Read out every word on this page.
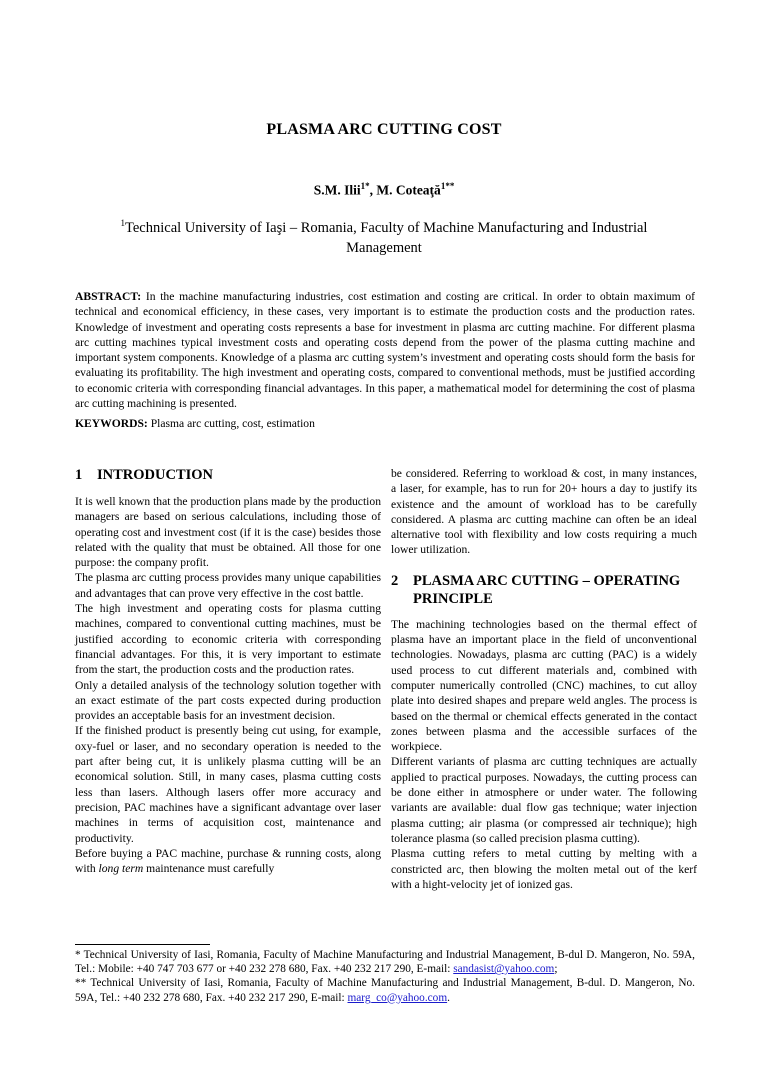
PLASMA ARC CUTTING COST
S.M. Ilii$^{1*}$, M. Coteaţă$^{1**}$
$^1$Technical University of Iaşi – Romania, Faculty of Machine Manufacturing and Industrial Management

ABSTRACT: In the machine manufacturing industries, cost estimation and costing are critical. In order to obtain maximum of technical and economical efficiency, in these cases, very important is to estimate the production costs and the production rates. Knowledge of investment and operating costs represents a base for investment in plasma arc cutting machine. For different plasma arc cutting machines typical investment costs and operating costs depend from the power of the plasma cutting machine and important system components. Knowledge of a plasma arc cutting system’s investment and operating costs should form the basis for evaluating its profitability. The high investment and operating costs, compared to conventional methods, must be justified according to economic criteria with corresponding financial advantages. In this paper, a mathematical model for determining the cost of plasma arc cutting machining is presented.

KEYWORDS: Plasma arc cutting, cost, estimation

1	INTRODUCTION

It is well known that the production plans made by the production managers are based on serious calculations, including those of operating cost and investment cost (if it is the case) besides those related with the quality that must be obtained. All those for one purpose: the company profit.

The plasma arc cutting process provides many unique capabilities and advantages that can prove very effective in the cost battle.

The high investment and operating costs for plasma cutting machines, compared to conventional cutting machines, must be justified according to economic criteria with corresponding financial advantages. For this, it is very important to estimate from the start, the production costs and the production rates.

Only a detailed analysis of the technology solution together with an exact estimate of the part costs expected during production provides an acceptable basis for an investment decision.

If the finished product is presently being cut using, for example, oxy-fuel or laser, and no secondary operation is needed to the part after being cut, it is unlikely plasma cutting will be an economical solution. Still, in many cases, plasma cutting costs less than lasers. Although lasers offer more accuracy and precision, PAC machines have a significant advantage over laser machines in terms of acquisition cost, maintenance and productivity.

Before buying a PAC machine, purchase & running costs, along with long term maintenance must carefully

be considered. Referring to workload & cost, in many instances, a laser, for example, has to run for 20+ hours a day to justify its existence and the amount of workload has to be carefully considered. A plasma arc cutting machine can often be an ideal alternative tool with flexibility and low costs requiring a much lower utilization.

2	PLASMA ARC CUTTING – OPERATING PRINCIPLE

The machining technologies based on the thermal effect of plasma have an important place in the field of unconventional technologies. Nowadays, plasma arc cutting (PAC) is a widely used process to cut different materials and, combined with computer numerically controlled (CNC) machines, to cut alloy plate into desired shapes and prepare weld angles. The process is based on the thermal or chemical effects generated in the contact zones between plasma and the accessible surfaces of the workpiece.

Different variants of plasma arc cutting techniques are actually applied to practical purposes. Nowadays, the cutting process can be done either in atmosphere or under water. The following variants are available: dual flow gas technique; water injection plasma cutting; air plasma (or compressed air technique); high tolerance plasma (so called precision plasma cutting).

Plasma cutting refers to metal cutting by melting with a constricted arc, then blowing the molten metal out of the kerf with a hight-velocity jet of ionized gas.

* Technical University of Iasi, Romania, Faculty of Machine Manufacturing and Industrial Management, B-dul D. Mangeron, No. 59A, Tel.: Mobile: +40 747 703 677 or +40 232 278 680, Fax. +40 232 217 290, E-mail: sandasist@yahoo.com;

** Technical University of Iasi, Romania, Faculty of Machine Manufacturing and Industrial Management, B-dul. D. Mangeron, No. 59A, Tel.: +40 232 278 680, Fax. +40 232 217 290, E-mail: marg_co@yahoo.com.
